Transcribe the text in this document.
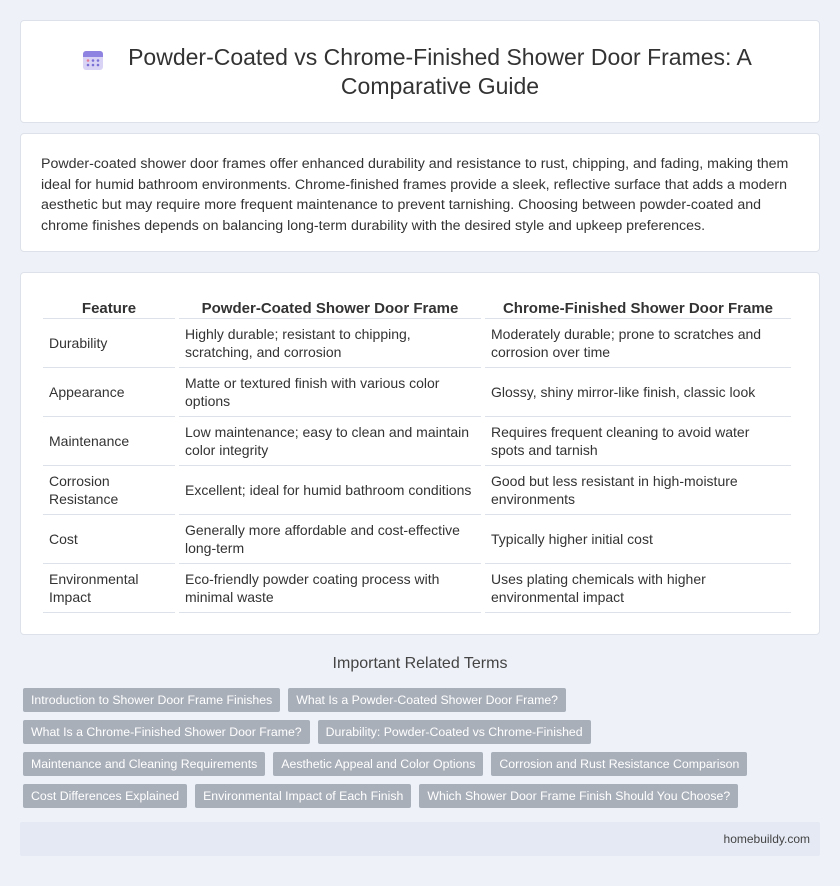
Powder-Coated vs Chrome-Finished Shower Door Frames: A Comparative Guide

Powder-coated shower door frames offer enhanced durability and resistance to rust, chipping, and fading, making them ideal for humid bathroom environments. Chrome-finished frames provide a sleek, reflective surface that adds a modern aesthetic but may require more frequent maintenance to prevent tarnishing. Choosing between powder-coated and chrome finishes depends on balancing long-term durability with the desired style and upkeep preferences.

Feature	Powder-Coated Shower Door Frame	Chrome-Finished Shower Door Frame
Durability	Highly durable; resistant to chipping, scratching, and corrosion	Moderately durable; prone to scratches and corrosion over time
Appearance	Matte or textured finish with various color options	Glossy, shiny mirror-like finish, classic look
Maintenance	Low maintenance; easy to clean and maintain color integrity	Requires frequent cleaning to avoid water spots and tarnish
Corrosion Resistance	Excellent; ideal for humid bathroom conditions	Good but less resistant in high-moisture environments
Cost	Generally more affordable and cost-effective long-term	Typically higher initial cost
Environmental Impact	Eco-friendly powder coating process with minimal waste	Uses plating chemicals with higher environmental impact
Important Related Terms
Introduction to Shower Door Frame Finishes	What Is a Powder-Coated Shower Door Frame?
What Is a Chrome-Finished Shower Door Frame?	Durability: Powder-Coated vs Chrome-Finished
Maintenance and Cleaning Requirements	Aesthetic Appeal and Color Options	Corrosion and Rust Resistance Comparison
Cost Differences Explained	Environmental Impact of Each Finish	Which Shower Door Frame Finish Should You Choose?
homebuildy.com
